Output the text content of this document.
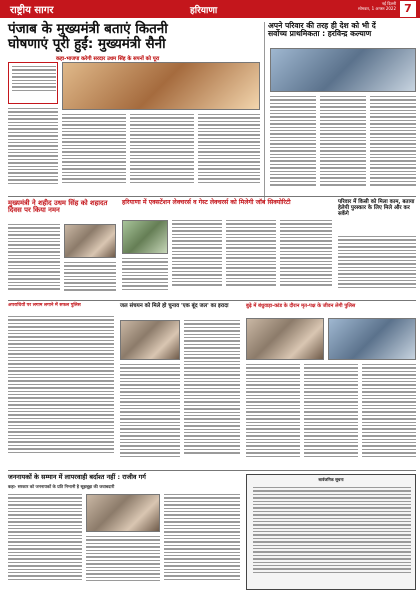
राष्ट्रीय सागर	हरियाणा
नई दिल्ली
सोमवार, 1 अगस्त 2022 7
पंजाब के मुख्यमंत्री बताएं कितनी
घोषणाएं पूरी हुईं: मुख्यमंत्री सैनी
कहा-भाजपा करेगी सरदार उधम सिंह के सपनों को पूरा
अपने परिवार की तरह ही देश को भी दें
सर्वोच्च प्राथमिकता : हरविन्द्र कल्याण
मुख्यमंत्री ने शहीद उधम सिंह को शहादत दिवस पर किया नमन
हरियाणा में एक्सटेंशन लेक्चरर्स व गेस्ट लेक्चरर्स को मिलेगी जॉब सिक्योरिटी	परिवार में किसी को मिला काम, बताया हेलेपी पुरस्कार के लिए मिले और कर सकेंगे
अपराधियों पर लगाम लगाने में सफल पुलिस	जल संचयन को मिले हो चुनाव 'एक बूंद जल' का इरादा	बुढ़े में बंधुवाड़ा-कांड के दौरान मृत-पक्ष के जीवन लेगी पुलिस
जननायकों के सम्मान में लापरवाही बर्दाश्त नहीं : राजीव गर्ग
कहा- सरकार को जननायकों के प्रति निभानी है सूझबूझ की जवाबदारी
सार्वजनिक सूचना
